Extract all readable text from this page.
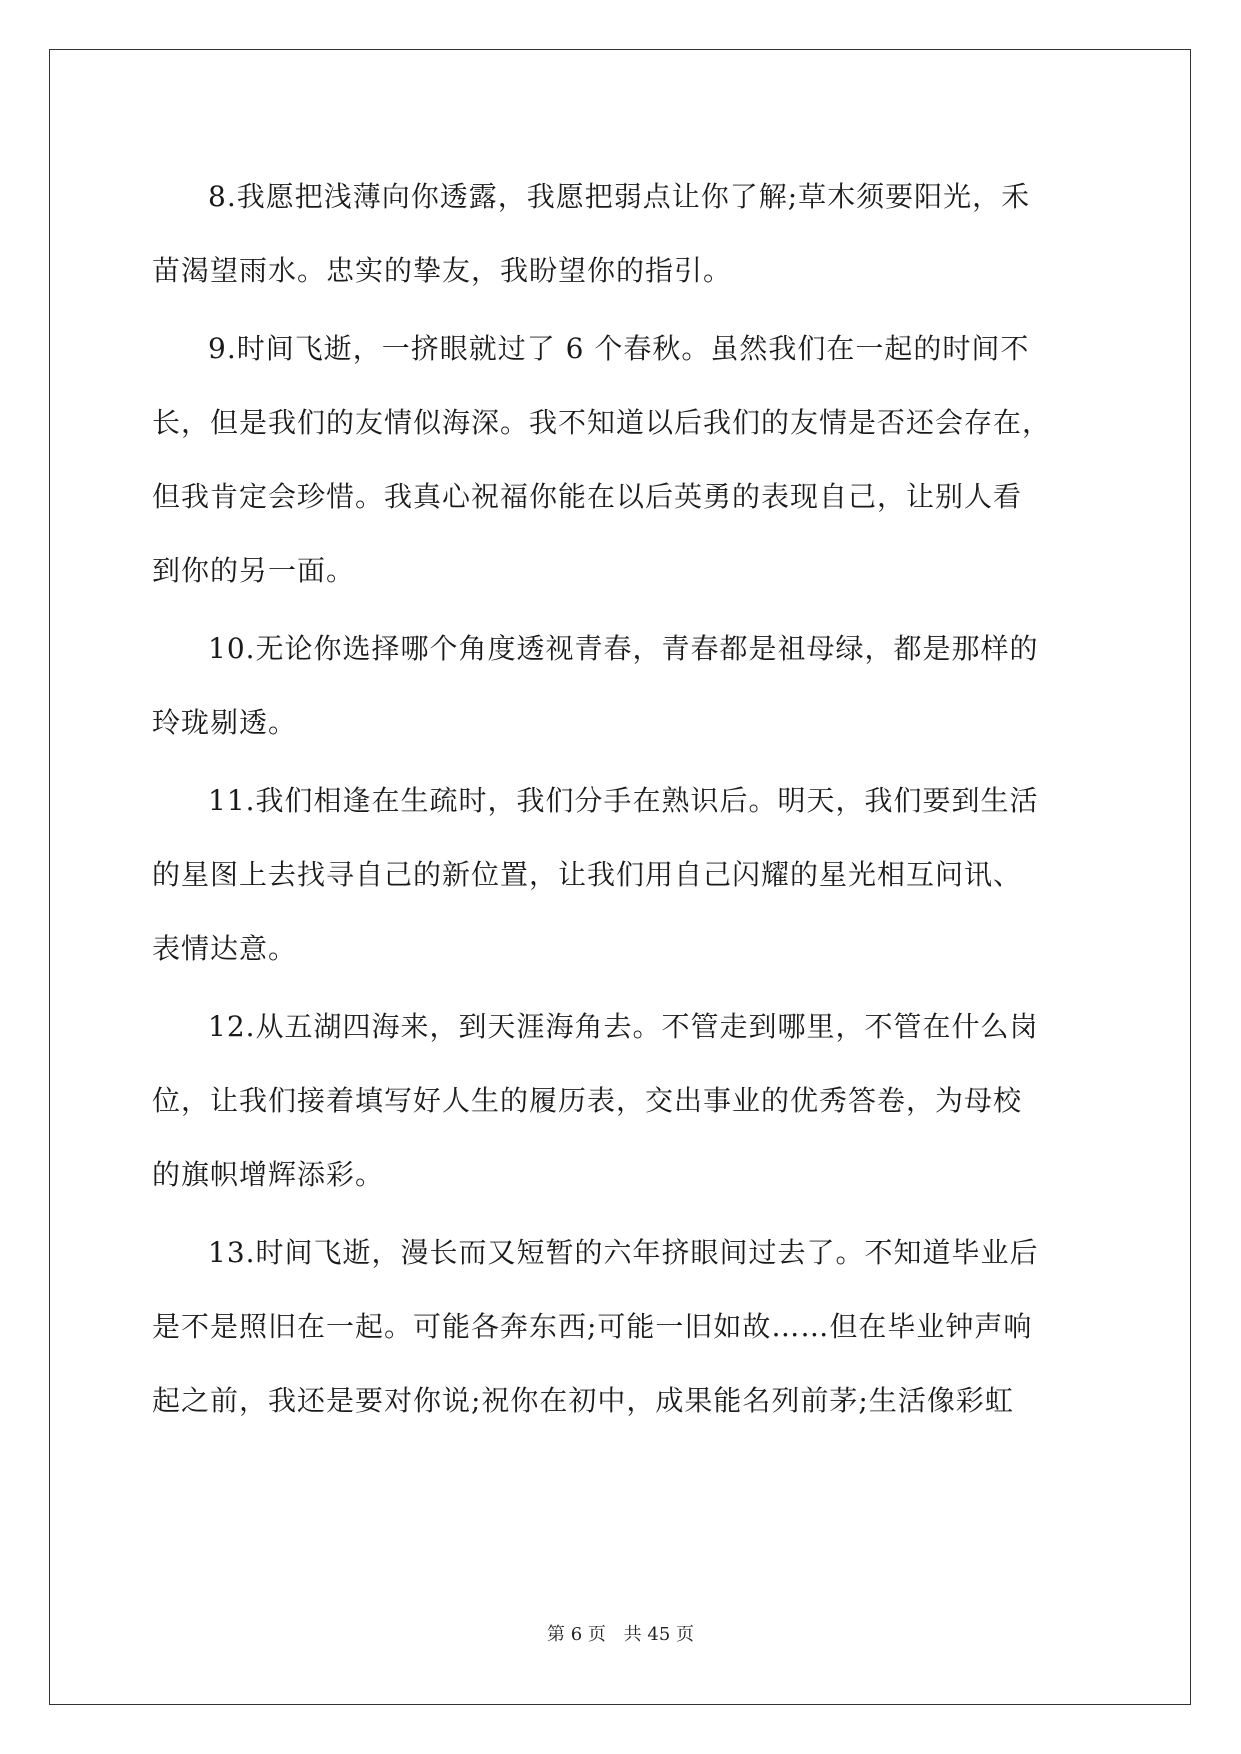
8.我愿把浅薄向你透露，我愿把弱点让你了解;草木须要阳光，禾
苗渴望雨水。忠实的挚友，我盼望你的指引。
9.时间飞逝，一挤眼就过了 6 个春秋。虽然我们在一起的时间不
长，但是我们的友情似海深。我不知道以后我们的友情是否还会存在，
但我肯定会珍惜。我真心祝福你能在以后英勇的表现自己，让别人看
到你的另一面。
10.无论你选择哪个角度透视青春，青春都是祖母绿，都是那样的
玲珑剔透。
11.我们相逢在生疏时，我们分手在熟识后。明天，我们要到生活
的星图上去找寻自己的新位置，让我们用自己闪耀的星光相互问讯、
表情达意。
12.从五湖四海来，到天涯海角去。不管走到哪里，不管在什么岗
位，让我们接着填写好人生的履历表，交出事业的优秀答卷，为母校
的旗帜增辉添彩。
13.时间飞逝，漫长而又短暂的六年挤眼间过去了。不知道毕业后
是不是照旧在一起。可能各奔东西;可能一旧如故……但在毕业钟声响
起之前，我还是要对你说;祝你在初中，成果能名列前茅;生活像彩虹
第 6 页 共 45 页
